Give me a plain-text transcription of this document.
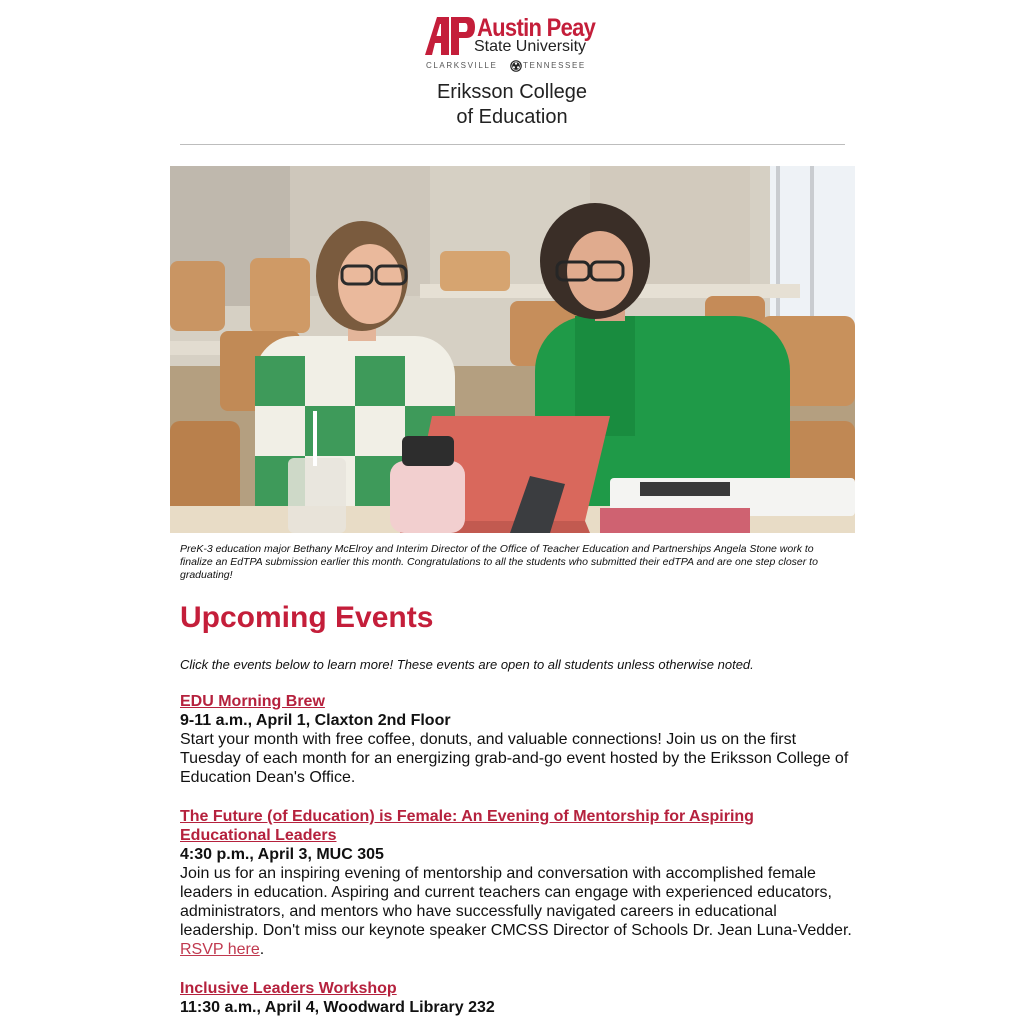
Austin Peay
State University
CLARKSVILLE	TENNESSEE
Eriksson College
of Education
PreK-3 education major Bethany McElroy and Interim Director of the Office of Teacher Education and Partnerships Angela Stone work to finalize an EdTPA submission earlier this month. Congratulations to all the students who submitted their edTPA and are one step closer to graduating!
Upcoming Events
Click the events below to learn more! These events are open to all students unless otherwise noted.
EDU Morning Brew
9-11 a.m., April 1, Claxton 2nd Floor
Start your month with free coffee, donuts, and valuable connections! Join us on the first Tuesday of each month for an energizing grab-and-go event hosted by the Eriksson College of Education Dean's Office.
The Future (of Education) is Female: An Evening of Mentorship for Aspiring Educational Leaders
4:30 p.m., April 3, MUC 305
Join us for an inspiring evening of mentorship and conversation with accomplished female leaders in education. Aspiring and current teachers can engage with experienced educators, administrators, and mentors who have successfully navigated careers in educational leadership. Don't miss our keynote speaker CMCSS Director of Schools Dr. Jean Luna-Vedder. RSVP here.
Inclusive Leaders Workshop
11:30 a.m., April 4, Woodward Library 232
